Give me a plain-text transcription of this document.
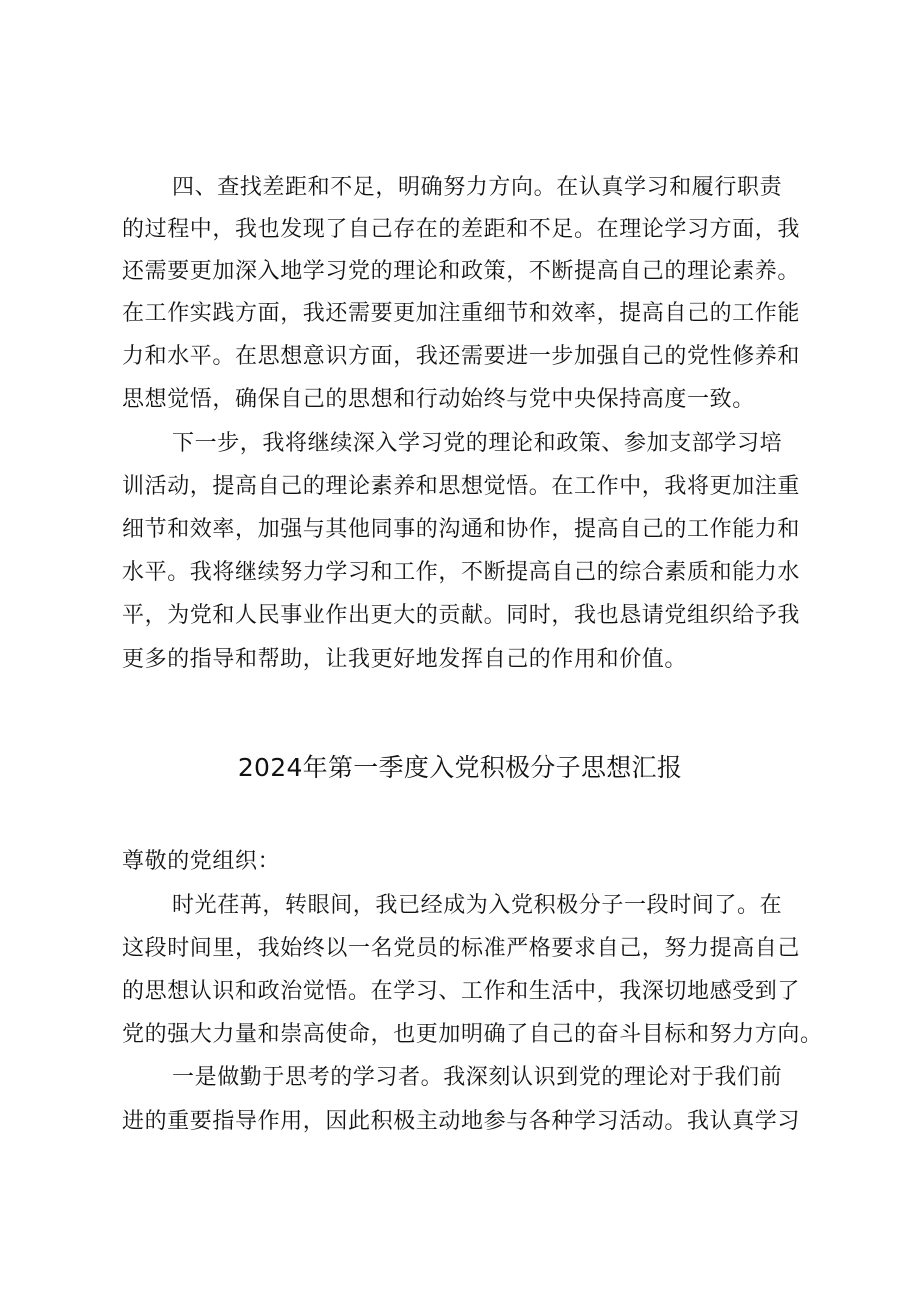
四、查找差距和不足，明确努力方向。在认真学习和履行职责
的过程中，我也发现了自己存在的差距和不足。在理论学习方面，我
还需要更加深入地学习党的理论和政策，不断提高自己的理论素养。
在工作实践方面，我还需要更加注重细节和效率，提高自己的工作能
力和水平。在思想意识方面，我还需要进一步加强自己的党性修养和
思想觉悟，确保自己的思想和行动始终与党中央保持高度一致。
下一步，我将继续深入学习党的理论和政策、参加支部学习培
训活动，提高自己的理论素养和思想觉悟。在工作中，我将更加注重
细节和效率，加强与其他同事的沟通和协作，提高自己的工作能力和
水平。我将继续努力学习和工作，不断提高自己的综合素质和能力水
平，为党和人民事业作出更大的贡献。同时，我也恳请党组织给予我
更多的指导和帮助，让我更好地发挥自己的作用和价值。
2024年第一季度入党积极分子思想汇报
尊敬的党组织：
时光荏苒，转眼间，我已经成为入党积极分子一段时间了。在
这段时间里，我始终以一名党员的标准严格要求自己，努力提高自己
的思想认识和政治觉悟。在学习、工作和生活中，我深切地感受到了
党的强大力量和崇高使命，也更加明确了自己的奋斗目标和努力方向。
一是做勤于思考的学习者。我深刻认识到党的理论对于我们前
进的重要指导作用，因此积极主动地参与各种学习活动。我认真学习
